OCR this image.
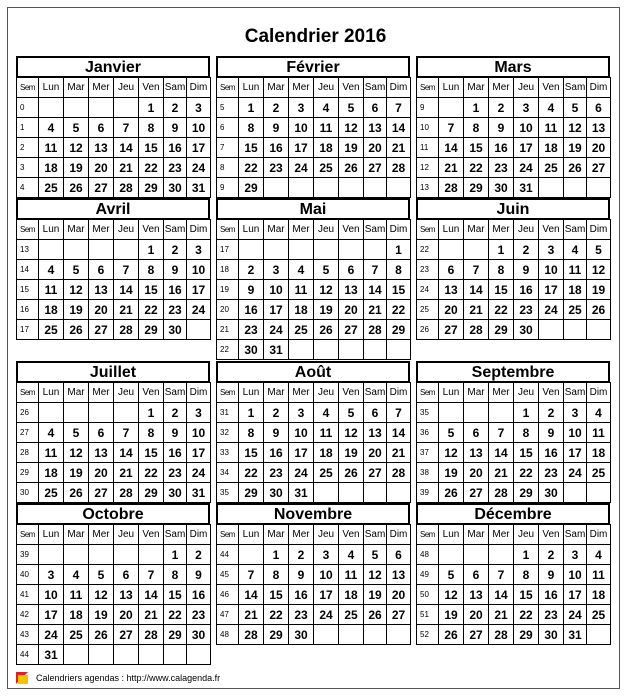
Calendrier 2016
Janvier
Sem	Lun	Mar	Mer	Jeu	Ven	Sam	Dim
0					1	2	3
1	4	5	6	7	8	9	10
2	11	12	13	14	15	16	17
3	18	19	20	21	22	23	24
4	25	26	27	28	29	30	31
Février
Sem	Lun	Mar	Mer	Jeu	Ven	Sam	Dim
5	1	2	3	4	5	6	7
6	8	9	10	11	12	13	14
7	15	16	17	18	19	20	21
8	22	23	24	25	26	27	28
9	29						
Mars
Sem	Lun	Mar	Mer	Jeu	Ven	Sam	Dim
9		1	2	3	4	5	6
10	7	8	9	10	11	12	13
11	14	15	16	17	18	19	20
12	21	22	23	24	25	26	27
13	28	29	30	31			
Avril
Sem	Lun	Mar	Mer	Jeu	Ven	Sam	Dim
13					1	2	3
14	4	5	6	7	8	9	10
15	11	12	13	14	15	16	17
16	18	19	20	21	22	23	24
17	25	26	27	28	29	30	
Mai
Sem	Lun	Mar	Mer	Jeu	Ven	Sam	Dim
17							1
18	2	3	4	5	6	7	8
19	9	10	11	12	13	14	15
20	16	17	18	19	20	21	22
21	23	24	25	26	27	28	29
22	30	31					
Juin
Sem	Lun	Mar	Mer	Jeu	Ven	Sam	Dim
22			1	2	3	4	5
23	6	7	8	9	10	11	12
24	13	14	15	16	17	18	19
25	20	21	22	23	24	25	26
26	27	28	29	30			
Juillet
Sem	Lun	Mar	Mer	Jeu	Ven	Sam	Dim
26					1	2	3
27	4	5	6	7	8	9	10
28	11	12	13	14	15	16	17
29	18	19	20	21	22	23	24
30	25	26	27	28	29	30	31
Août
Sem	Lun	Mar	Mer	Jeu	Ven	Sam	Dim
31	1	2	3	4	5	6	7
32	8	9	10	11	12	13	14
33	15	16	17	18	19	20	21
34	22	23	24	25	26	27	28
35	29	30	31				
Septembre
Sem	Lun	Mar	Mer	Jeu	Ven	Sam	Dim
35				1	2	3	4
36	5	6	7	8	9	10	11
37	12	13	14	15	16	17	18
38	19	20	21	22	23	24	25
39	26	27	28	29	30		
Octobre
Sem	Lun	Mar	Mer	Jeu	Ven	Sam	Dim
39						1	2
40	3	4	5	6	7	8	9
41	10	11	12	13	14	15	16
42	17	18	19	20	21	22	23
43	24	25	26	27	28	29	30
44	31						
Novembre
Sem	Lun	Mar	Mer	Jeu	Ven	Sam	Dim
44		1	2	3	4	5	6
45	7	8	9	10	11	12	13
46	14	15	16	17	18	19	20
47	21	22	23	24	25	26	27
48	28	29	30				
Décembre
Sem	Lun	Mar	Mer	Jeu	Ven	Sam	Dim
48				1	2	3	4
49	5	6	7	8	9	10	11
50	12	13	14	15	16	17	18
51	19	20	21	22	23	24	25
52	26	27	28	29	30	31	
Calendriers agendas : http://www.calagenda.fr
